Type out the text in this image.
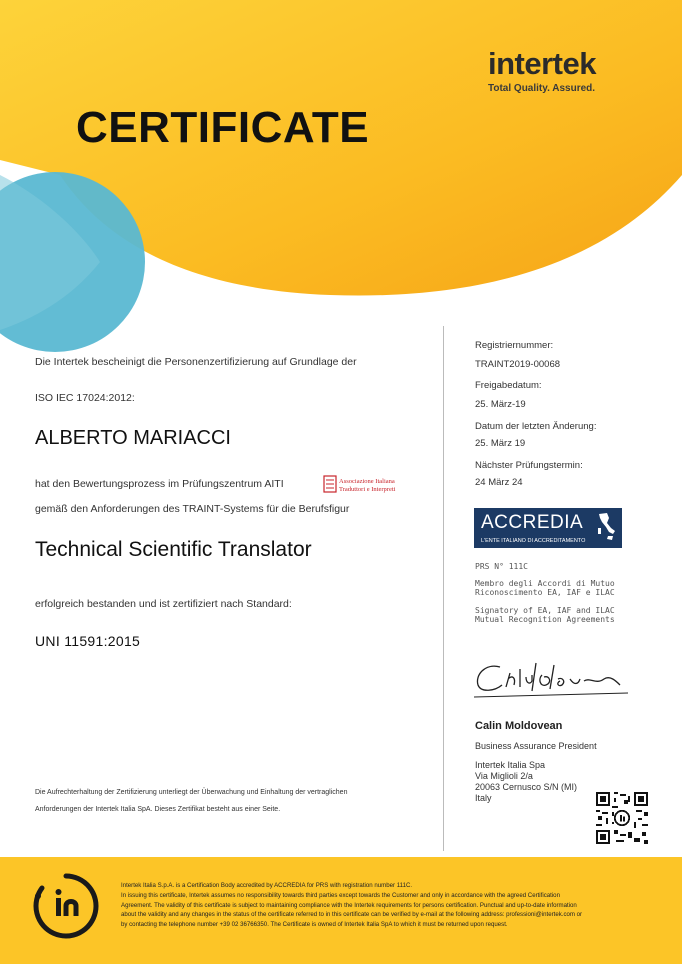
intertek
Total Quality. Assured.
CERTIFICATE
Die Intertek bescheinigt die Personenzertifizierung auf Grundlage der
ISO IEC 17024:2012:
ALBERTO MARIACCI
hat den Bewertungsprozess im Prüfungszentrum AITI	Associazione Italiana
Traduttori e Interpreti
gemäß den Anforderungen des TRAINT-Systems für die Berufsfigur
Technical Scientific Translator
erfolgreich bestanden und ist zertifiziert nach Standard:
UNI 11591:2015
Registriernummer:
TRAINT2019-00068
Freigabedatum:
25. März-19
Datum der letzten Änderung:
25. März 19
Nächster Prüfungstermin:
24 März 24
ACCREDIA
L'ENTE ITALIANO DI ACCREDITAMENTO
PRS N° 111C
Membro degli Accordi di Mutuo
Riconoscimento EA, IAF e ILAC
Signatory of EA, IAF and ILAC
Mutual Recognition Agreements
Calin Moldovean
Business Assurance President
Intertek Italia Spa
Via Miglioli 2/a
20063 Cernusco S/N (MI)
Italy
Die Aufrechterhaltung der Zertifizierung unterliegt der Überwachung und Einhaltung der vertraglichen
Anforderungen der Intertek Italia SpA. Dieses Zertifikat besteht aus einer Seite.
Intertek Italia S.p.A. is a Certification Body accredited by ACCREDIA for PRS with registration number 111C.
In issuing this certificate, Intertek assumes no responsibility towards third parties except towards the Customer and only in accordance with the agreed Certification
Agreement. The validity of this certificate is subject to maintaining compliance with the Intertek requirements for persons certification. Punctual and up-to-date information
about the validity and any changes in the status of the certificate referred to in this certificate can be verified by e-mail at the following address: professioni@intertek.com or
by contacting the telephone number +39 02 36766350. The Certificate is owned of Intertek Italia SpA to which it must be returned upon request.
